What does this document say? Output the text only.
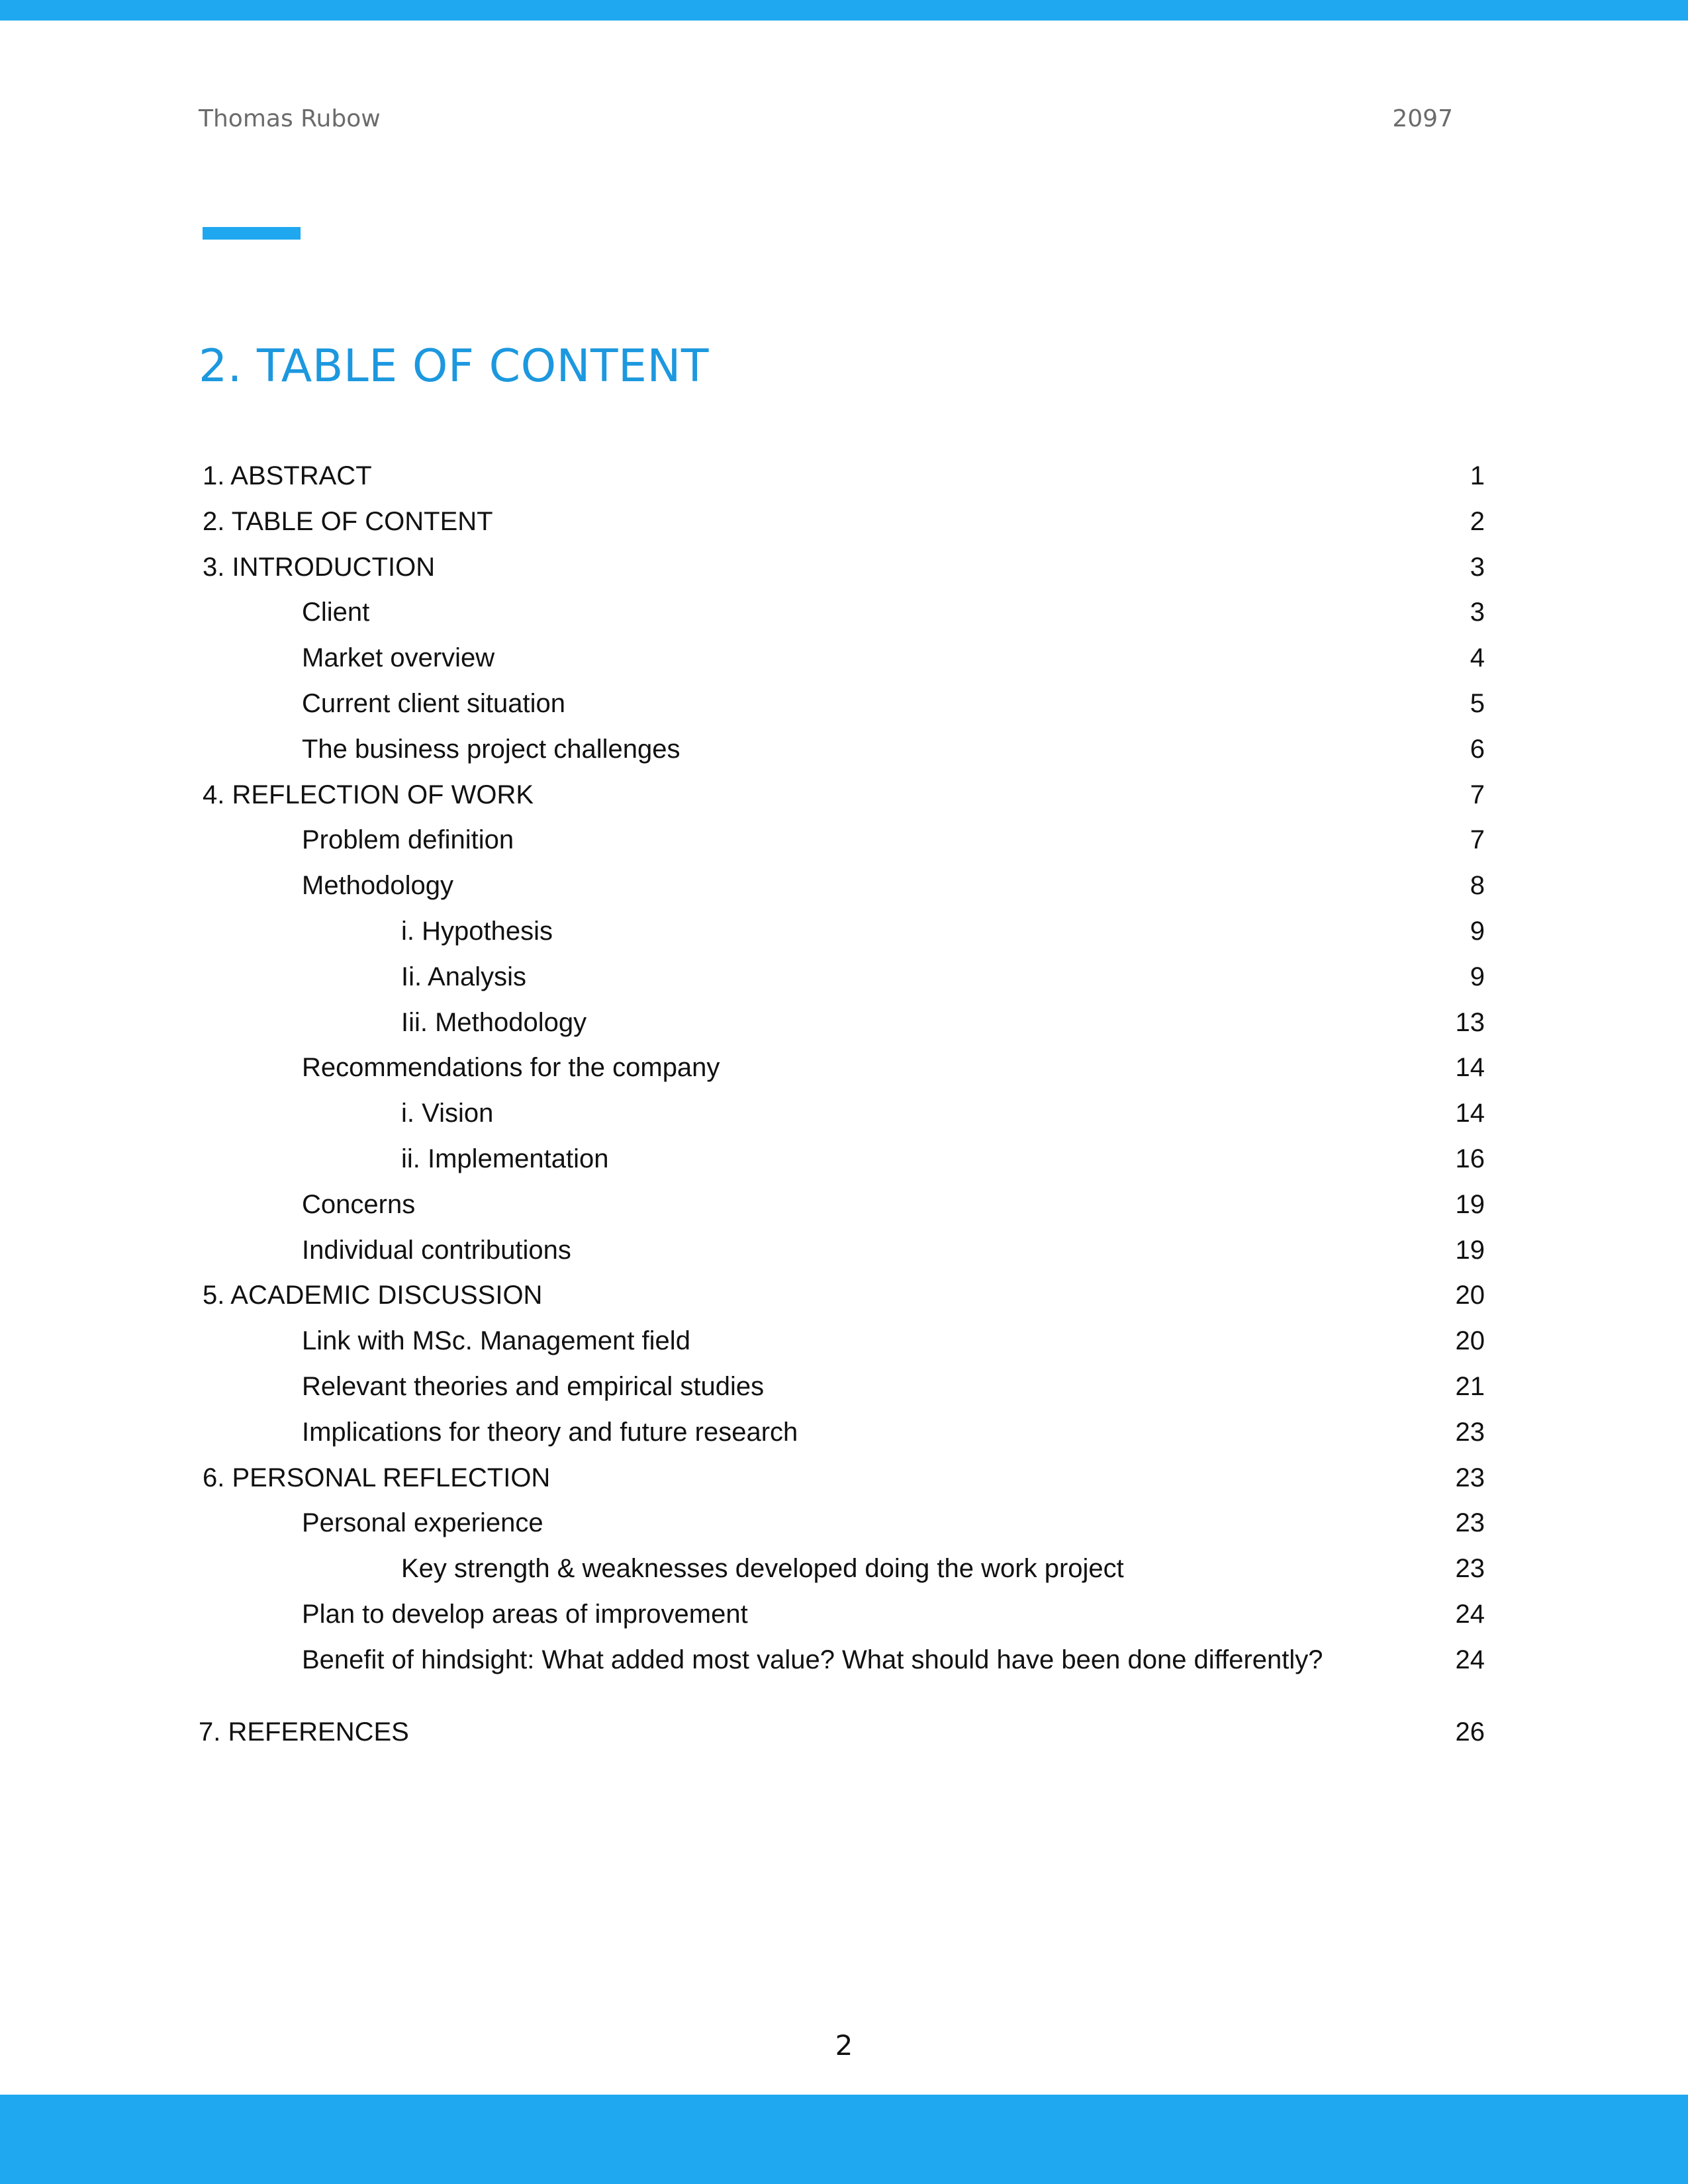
Thomas Rubow	2097
2. TABLE OF CONTENT
1. ABSTRACT	1
2. TABLE OF CONTENT	2
3. INTRODUCTION	3
Client	3
Market overview	4
Current client situation	5
The business project challenges	6
4. REFLECTION OF WORK	7
Problem definition	7
Methodology	8
i. Hypothesis	9
Ii. Analysis	9
Iii. Methodology	13
Recommendations for the company	14
i. Vision	14
ii. Implementation	16
Concerns	19
Individual contributions	19
5. ACADEMIC DISCUSSION	20
Link with MSc. Management field	20
Relevant theories and empirical studies	21
Implications for theory and future research	23
6. PERSONAL REFLECTION	23
Personal experience	23
Key strength & weaknesses developed doing the work project	23
Plan to develop areas of improvement	24
Benefit of hindsight: What added most value? What should have been done differently?	24
7. REFERENCES	26
2
